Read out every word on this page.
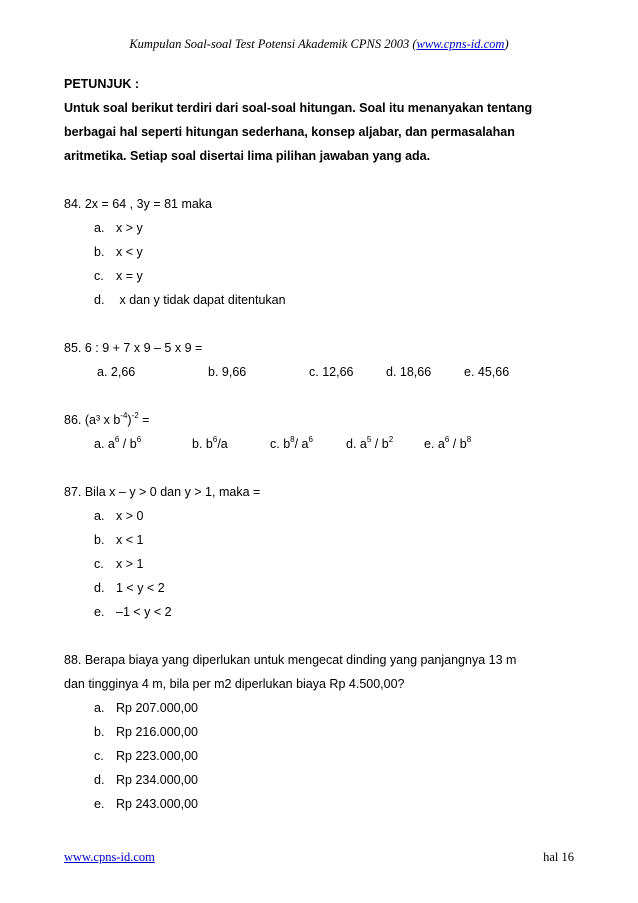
Kumpulan Soal-soal Test Potensi Akademik CPNS 2003 (www.cpns-id.com)
PETUNJUK :
Untuk soal berikut terdiri dari soal-soal hitungan. Soal itu menanyakan tentang
berbagai hal seperti hitungan sederhana, konsep aljabar, dan permasalahan
aritmetika. Setiap soal disertai lima pilihan jawaban yang ada.
84. 2x = 64 , 3y = 81 maka
a. x > y
b. x < y
c. x = y
d. x dan y tidak dapat ditentukan
85. 6 : 9 + 7 x 9 – 5 x 9 =
a. 2,66	b. 9,66	c. 12,66	d. 18,66	e. 45,66
86. (a³ x $b^{-4})^{-2}$ =
a. $a^6 / b^6$	b. $b^6/a$	c. $b^8/$ $a^6$	d. $a^5 / b^2$ e. $a^6 / b^8$
87. Bila x – y > 0 dan y > 1, maka =
a. x > 0
b. x < 1
c. x > 1
d. 1 < y < 2
e. –1 < y < 2
88. Berapa biaya yang diperlukan untuk mengecat dinding yang panjangnya 13 m
dan tingginya 4 m, bila per m2 diperlukan biaya Rp 4.500,00?
a. Rp 207.000,00
b. Rp 216.000,00
c. Rp 223.000,00
d. Rp 234.000,00
e. Rp 243.000,00
www.cpns-id.com	hal 16
